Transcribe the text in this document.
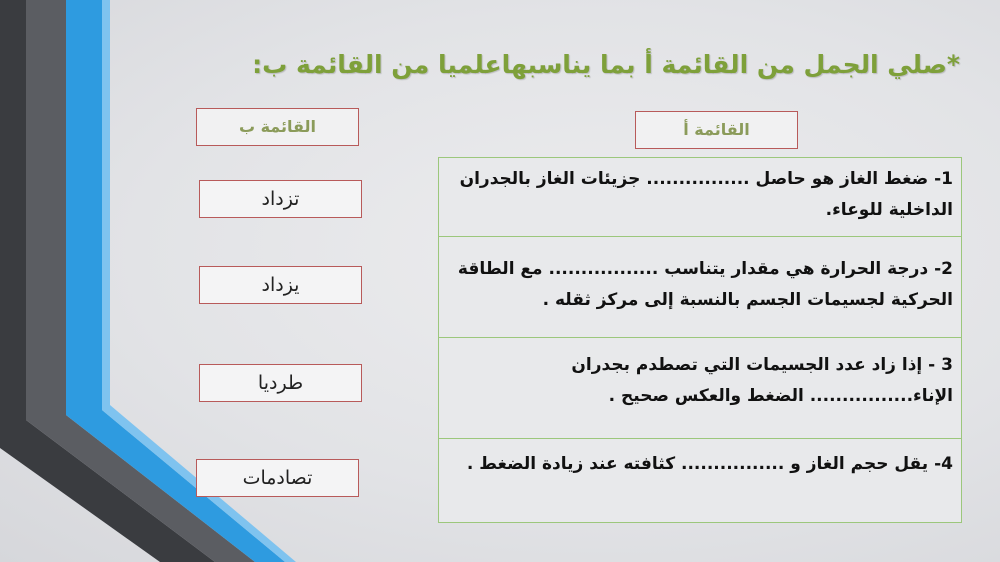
*صلي الجمل من القائمة أ بما يناسبهاعلميا من القائمة ب:
القائمة ب	القائمة أ
تزداد
يزداد
طرديا
تصادمات
1- ضغط الغاز هو حاصل ................ جزيئات الغاز بالجدران الداخلية للوعاء.
2- درجة الحرارة هي مقدار يتناسب ................. مع الطاقة الحركية لجسيمات الجسم بالنسبة إلى مركز ثقله .
3 - إذا زاد عدد الجسيمات التي تصطدم بجدران الإناء................ الضغط والعكس صحيح .
4- يقل حجم الغاز و ................ كثافته عند زيادة الضغط .
